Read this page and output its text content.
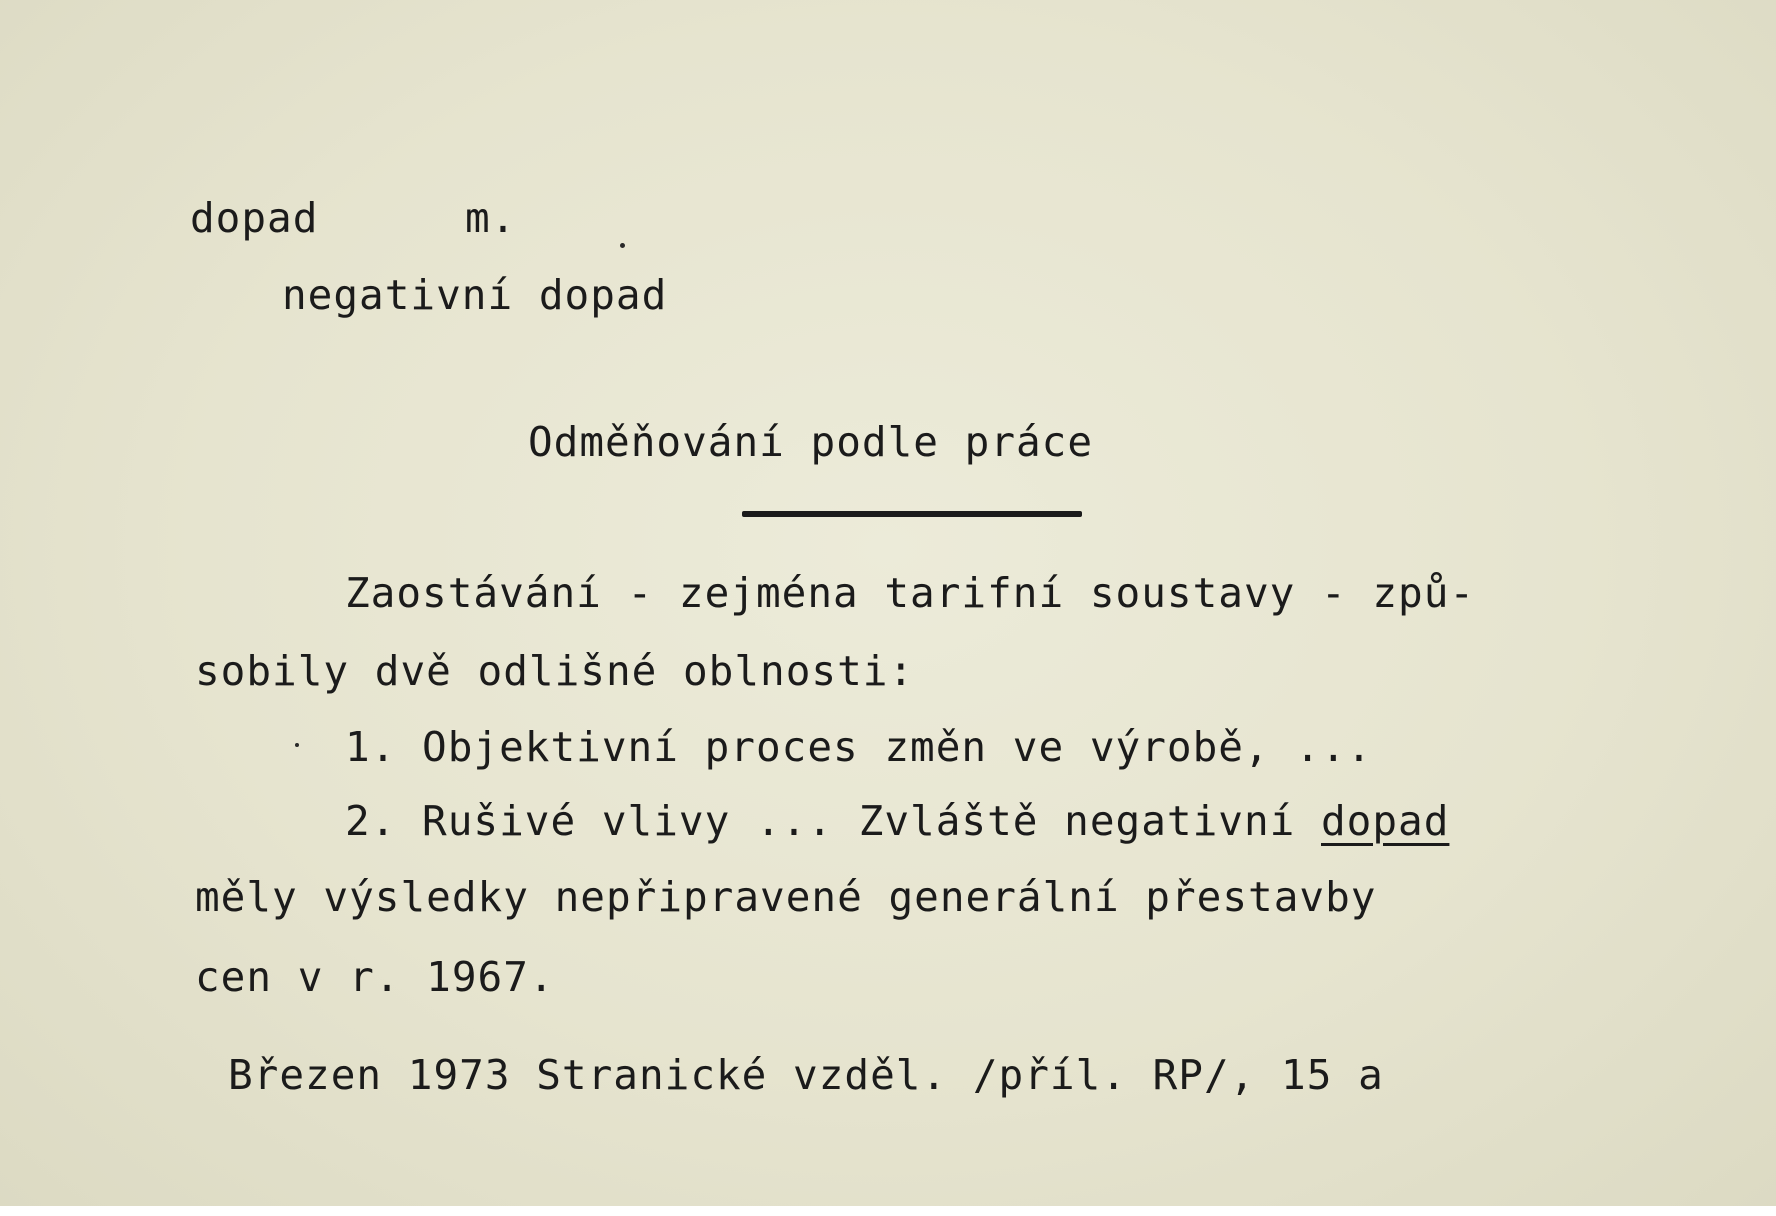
dopad	m.
negativní dopad
Odměňování podle práce
Zaostávání - zejména tarifní soustavy - způ-
sobily dvě odlišné oblnosti:
1. Objektivní proces změn ve výrobě, ...
2. Rušivé vlivy ... Zvláště negativní dopad
měly výsledky nepřipravené generální přestavby
cen v r. 1967.
Březen 1973 Stranické vzděl. /příl. RP/, 15 a
